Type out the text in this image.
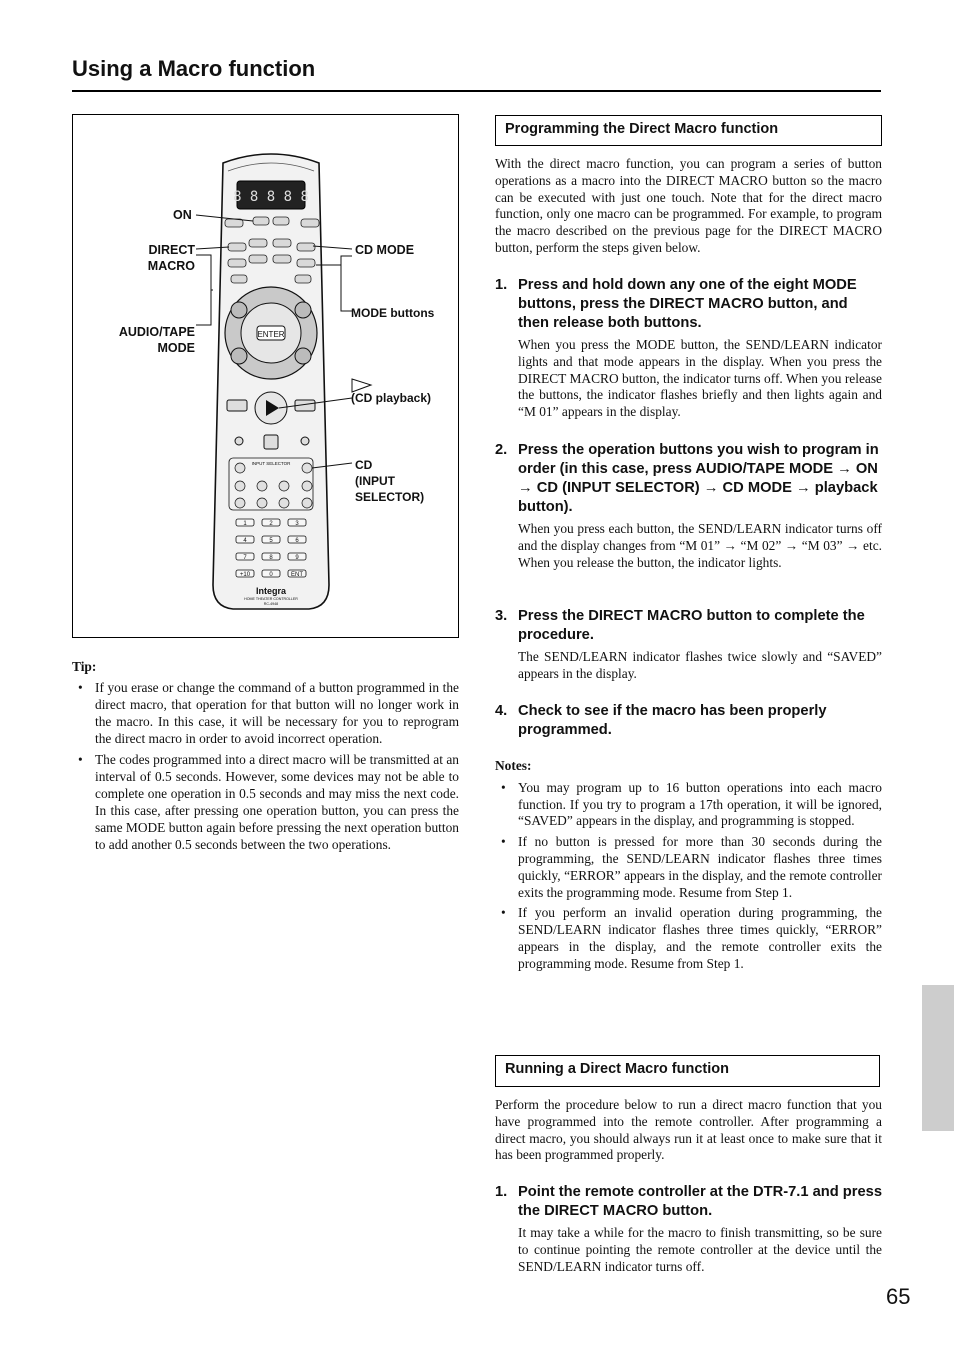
Using a Macro function
8 8 8 8 8
ENTER
INPUT SELECTOR
1	2	3
4	5	6
7	8	9
+10	0	ENT
Integra
HOME THEATER CONTROLLER
RC-4948
ON
DIRECT
MACRO
AUDIO/TAPE
MODE
CD MODE
MODE buttons
(CD playback)
CD
(INPUT
SELECTOR)
Tip:
• If you erase or change the command of a button programmed in the direct macro, that operation for that button will no longer work in the macro. In this case, it will be necessary for you to reprogram the direct macro in order to avoid incorrect operation.
• The codes programmed into a direct macro will be transmitted at an interval of 0.5 seconds. However, some devices may not be able to complete one operation in 0.5 seconds and may miss the next code. In this case, after pressing one operation button, you can press the same MODE button again before pressing the next operation button to add another 0.5 seconds between the two operations.
Programming the Direct Macro function
With the direct macro function, you can program a series of button operations as a macro into the DIRECT MACRO button so the macro can be executed with just one touch. Note that for the direct macro function, only one macro can be programmed. For example, to program the macro described on the previous page for the DIRECT MACRO button, perform the steps given below.
1. Press and hold down any one of the eight MODE buttons, press the DIRECT MACRO button, and then release both buttons.
When you press the MODE button, the SEND/LEARN indicator lights and that mode appears in the display. When you press the DIRECT MACRO button, the indicator turns off. When you release the buttons, the indicator flashes briefly and then lights again and “M 01” appears in the display.
2. Press the operation buttons you wish to program in order (in this case, press AUDIO/TAPE MODE → ON → CD (INPUT SELECTOR) → CD MODE → playback button).
When you press each button, the SEND/LEARN indicator turns off and the display changes from “M 01” → “M 02” → “M 03” → etc. When you release the button, the indicator lights.
3. Press the DIRECT MACRO button to complete the procedure.
The SEND/LEARN indicator flashes twice slowly and “SAVED” appears in the display.
4. Check to see if the macro has been properly programmed.
Notes:
• You may program up to 16 button operations into each macro function. If you try to program a 17th operation, it will be ignored, “SAVED” appears in the display, and programming is stopped.
• If no button is pressed for more than 30 seconds during the programming, the SEND/LEARN indicator flashes three times quickly, “ERROR” appears in the display, and the remote controller exits the programming mode. Resume from Step 1.
• If you perform an invalid operation during programming, the SEND/LEARN indicator flashes three times quickly, “ERROR” appears in the display, and the remote controller exits the programming mode. Resume from Step 1.
Running a Direct Macro function
Perform the procedure below to run a direct macro function that you have programmed into the remote controller. After programming a direct macro, you should always run it at least once to make sure that it has been programmed properly.
1. Point the remote controller at the DTR-7.1 and press the DIRECT MACRO button.
It may take a while for the macro to finish transmitting, so be sure to continue pointing the remote controller at the device until the SEND/LEARN indicator turns off.
65
